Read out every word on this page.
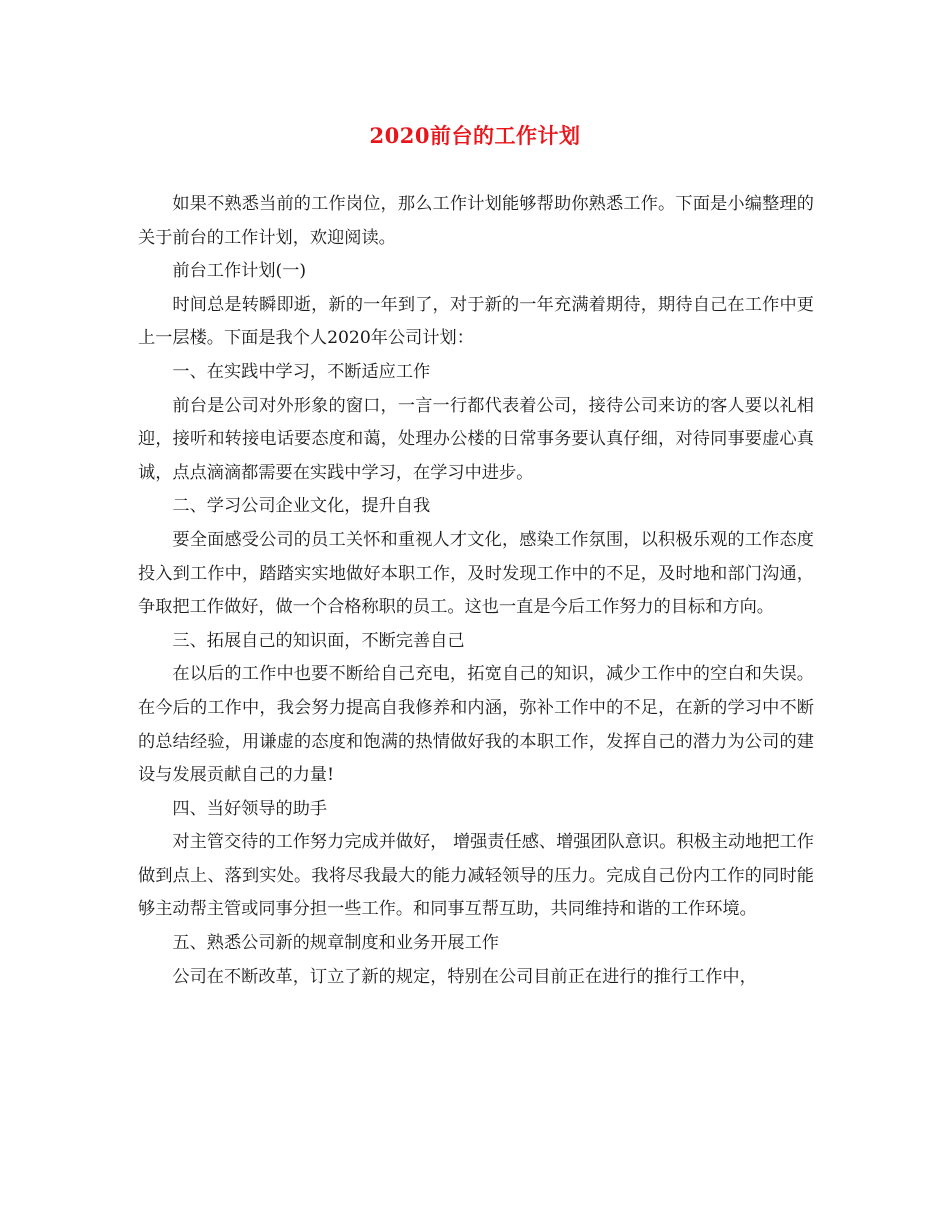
2020前台的工作计划

如果不熟悉当前的工作岗位，那么工作计划能够帮助你熟悉工作。下面是小编整理的关于前台的工作计划，欢迎阅读。

前台工作计划(一)

时间总是转瞬即逝，新的一年到了，对于新的一年充满着期待，期待自己在工作中更上一层楼。下面是我个人2020年公司计划：

一、在实践中学习，不断适应工作

前台是公司对外形象的窗口，一言一行都代表着公司，接待公司来访的客人要以礼相迎，接听和转接电话要态度和蔼，处理办公楼的日常事务要认真仔细，对待同事要虚心真诚，点点滴滴都需要在实践中学习，在学习中进步。

二、学习公司企业文化，提升自我

要全面感受公司的员工关怀和重视人才文化，感染工作氛围，以积极乐观的工作态度投入到工作中，踏踏实实地做好本职工作，及时发现工作中的不足，及时地和部门沟通，争取把工作做好，做一个合格称职的员工。这也一直是今后工作努力的目标和方向。

三、拓展自己的知识面，不断完善自己

在以后的工作中也要不断给自己充电，拓宽自己的知识，减少工作中的空白和失误。在今后的工作中，我会努力提高自我修养和内涵，弥补工作中的不足，在新的学习中不断的总结经验，用谦虚的态度和饱满的热情做好我的本职工作，发挥自己的潜力为公司的建设与发展贡献自己的力量!

四、当好领导的助手

对主管交待的工作努力完成并做好， 增强责任感、增强团队意识。积极主动地把工作做到点上、落到实处。我将尽我最大的能力减轻领导的压力。完成自己份内工作的同时能够主动帮主管或同事分担一些工作。和同事互帮互助，共同维持和谐的工作环境。

五、熟悉公司新的规章制度和业务开展工作

公司在不断改革，订立了新的规定，特别在公司目前正在进行的推行工作中，
